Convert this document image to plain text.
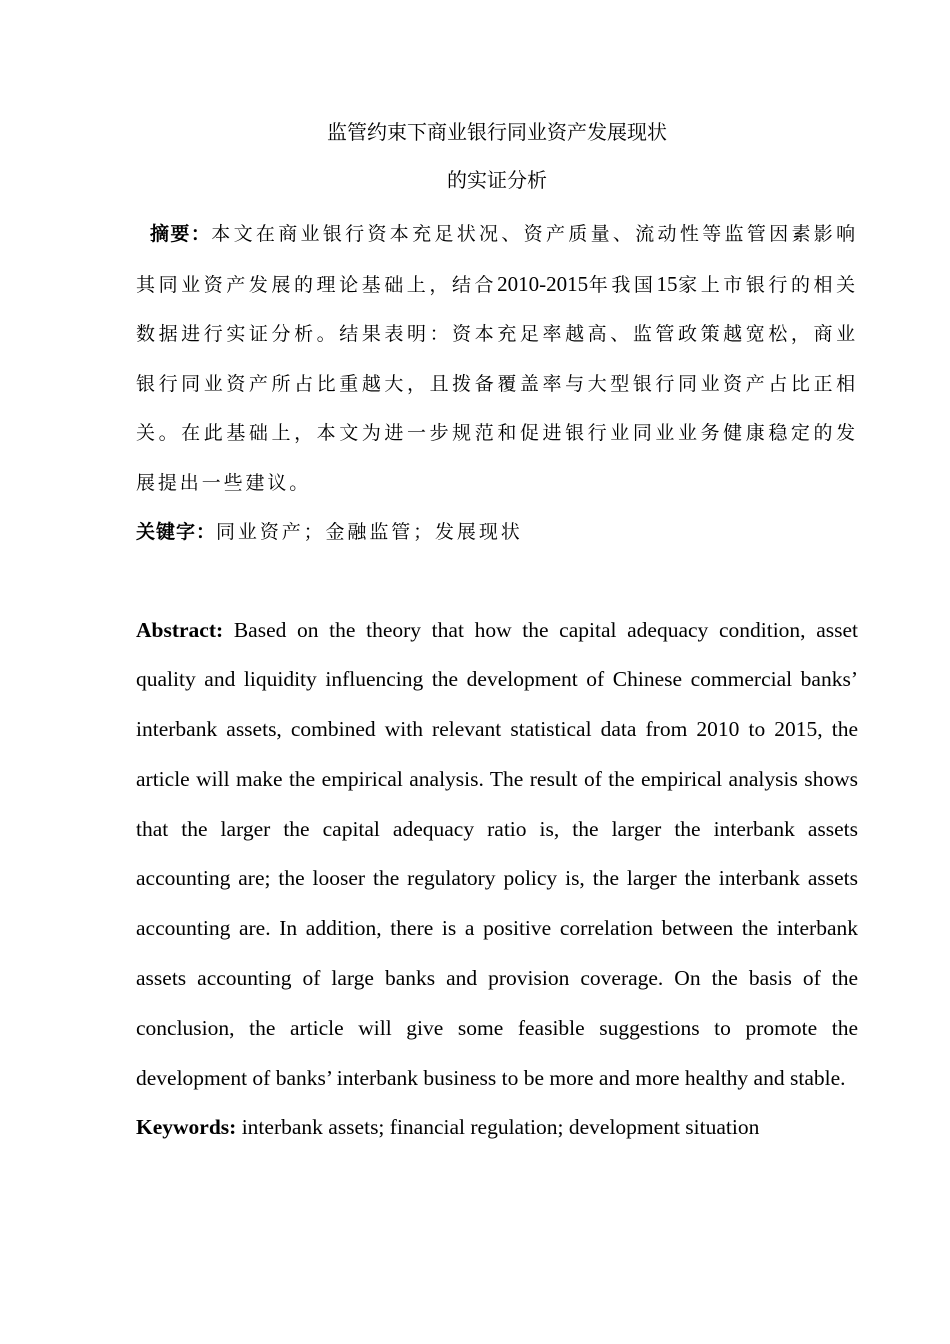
监管约束下商业银行同业资产发展现状
的实证分析

摘要：本文在商业银行资本充足状况、资产质量、流动性等监管因素影响其同业资产发展的理论基础上，结合2010-2015年我国15家上市银行的相关数据进行实证分析。结果表明：资本充足率越高、监管政策越宽松，商业银行同业资产所占比重越大，且拨备覆盖率与大型银行同业资产占比正相关。在此基础上，本文为进一步规范和促进银行业同业业务健康稳定的发展提出一些建议。

关键字：同业资产；金融监管；发展现状

Abstract: Based on the theory that how the capital adequacy condition, asset quality and liquidity influencing the development of Chinese commercial banks’ interbank assets, combined with relevant statistical data from 2010 to 2015, the article will make the empirical analysis. The result of the empirical analysis shows that the larger the capital adequacy ratio is, the larger the interbank assets accounting are; the looser the regulatory policy is, the larger the interbank assets accounting are. In addition, there is a positive correlation between the interbank assets accounting of large banks and provision coverage. On the basis of the conclusion, the article will give some feasible suggestions to promote the development of banks’ interbank business to be more and more healthy and stable.

Keywords: interbank assets; financial regulation; development situation
